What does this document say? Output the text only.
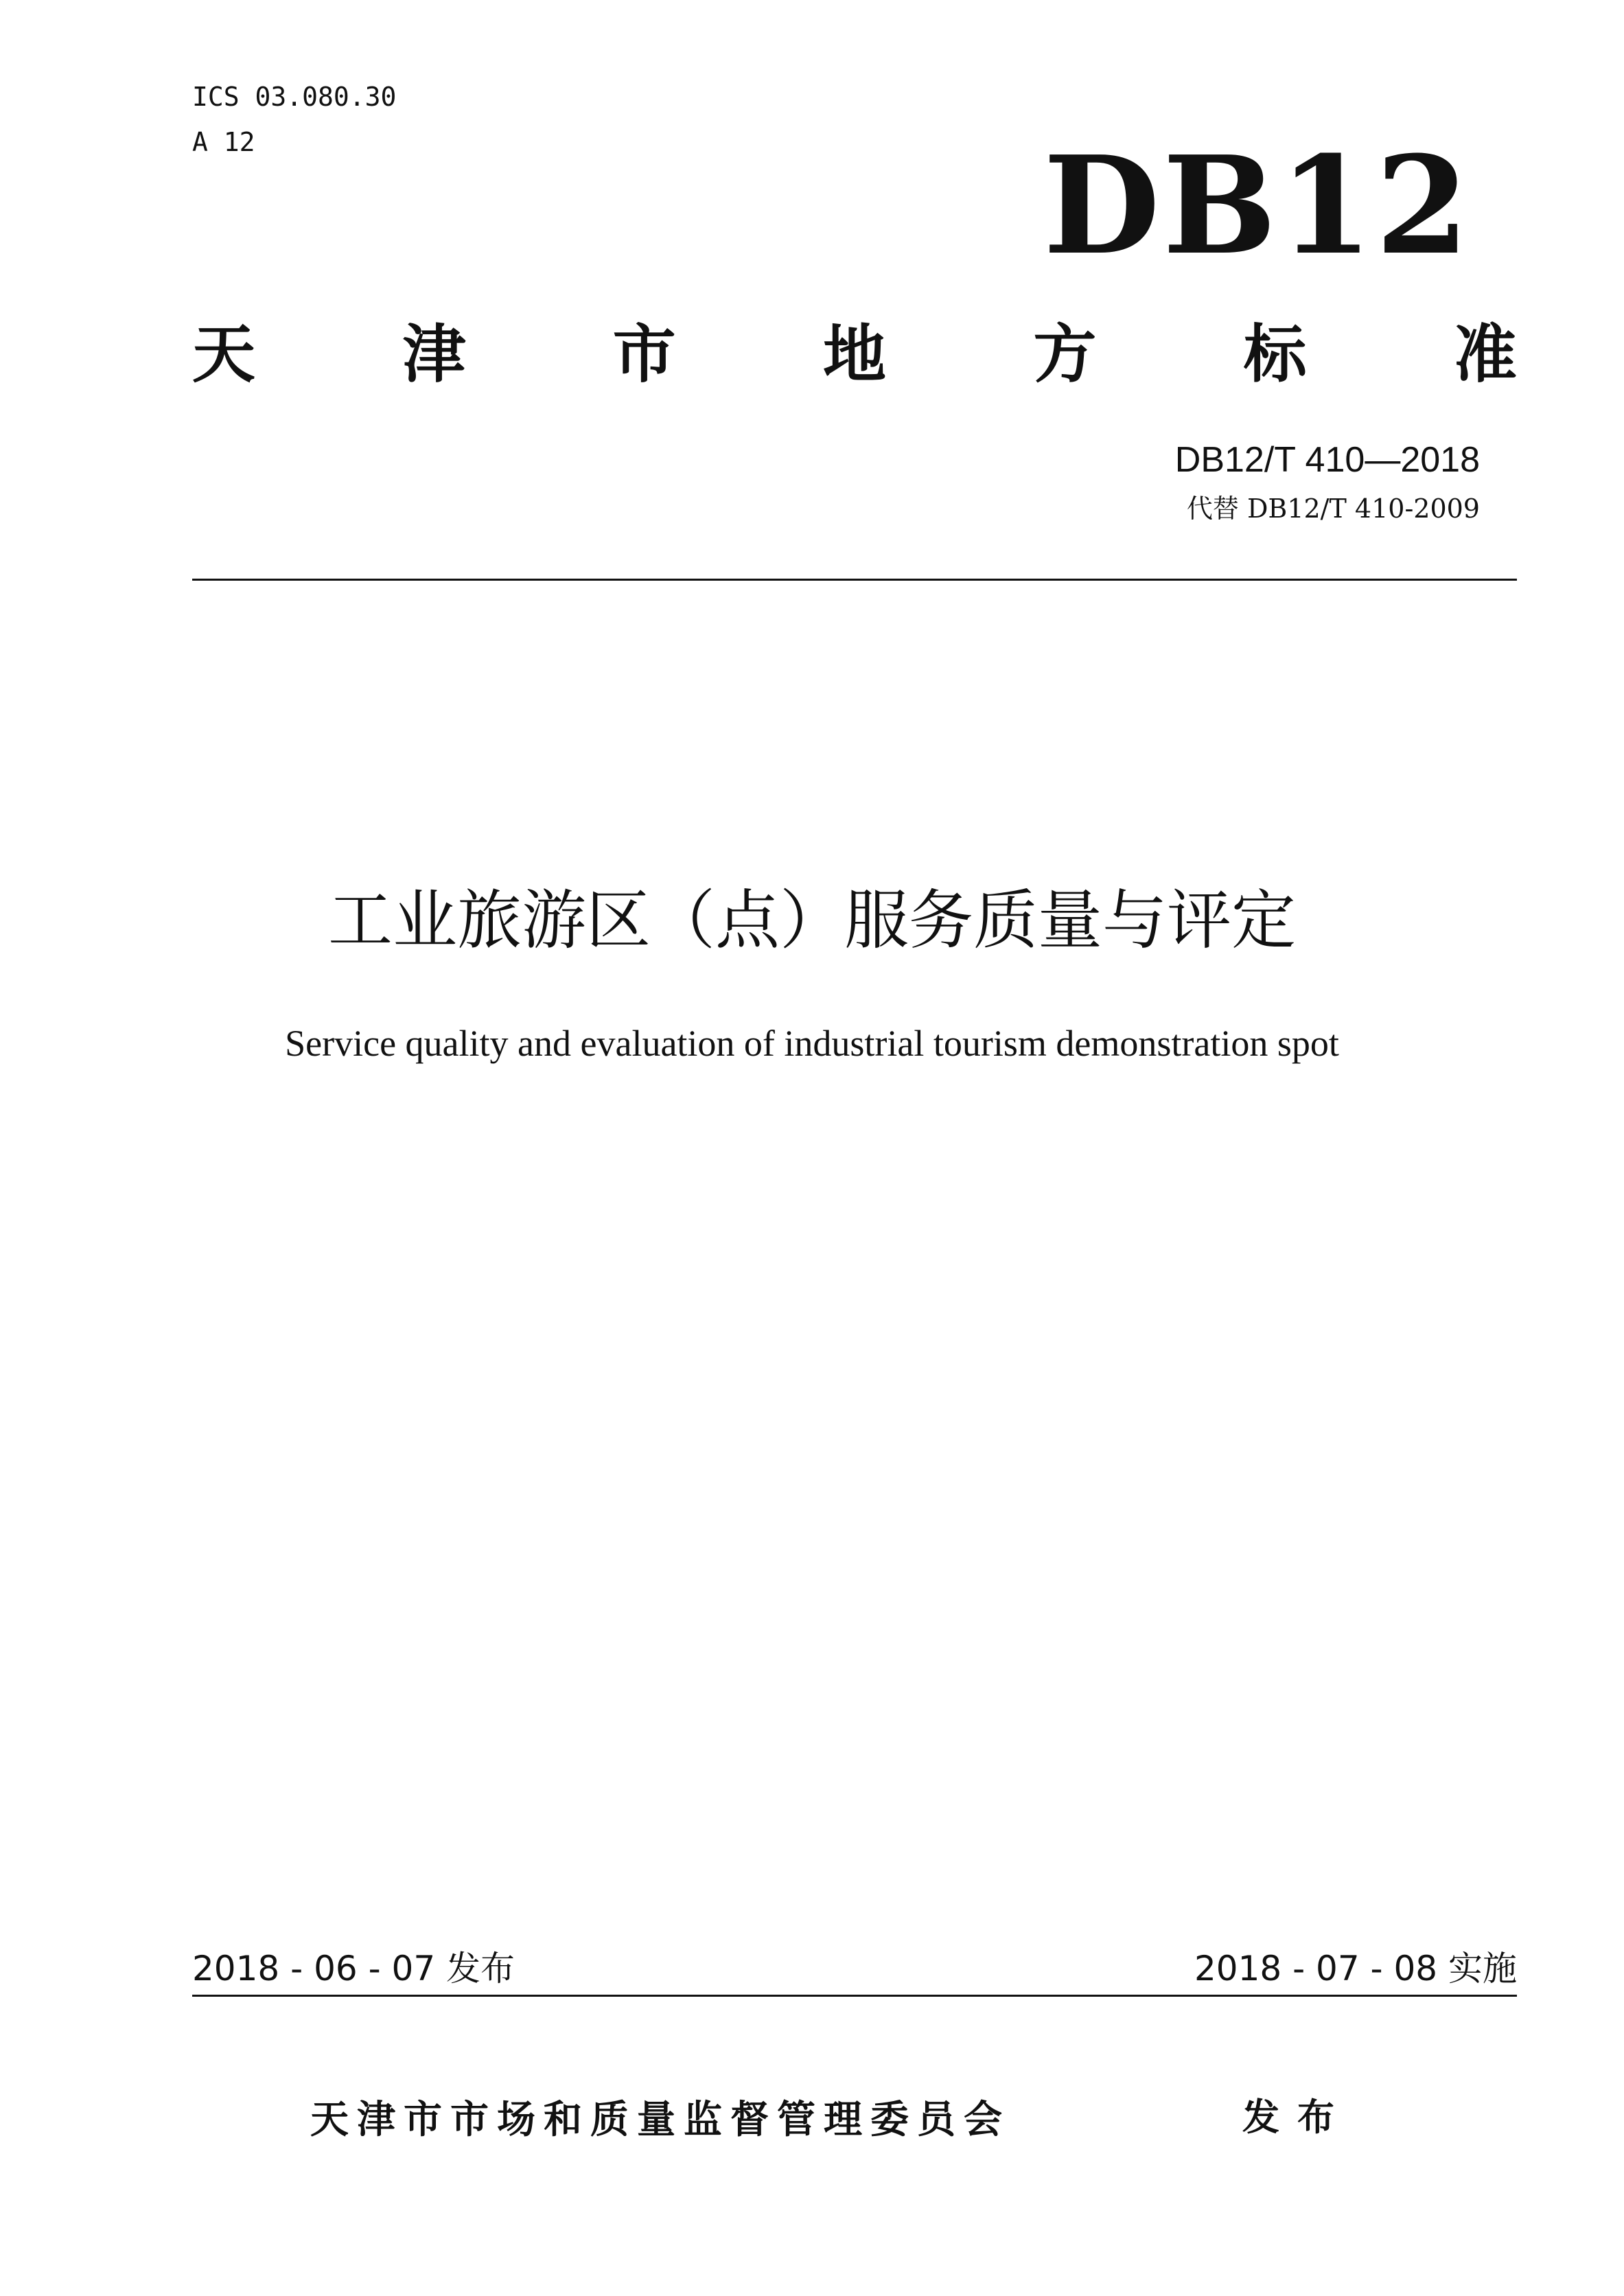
ICS 03.080.30
A 12	DB12
天 津 市 地 方 标 准
DB12/T 410—2018
代替 DB12/T 410-2009
工业旅游区（点）服务质量与评定
Service quality and evaluation of industrial tourism demonstration spot
2018 - 06 - 07 发布	2018 - 07 - 08 实施
天津市市场和质量监督管理委员会	发布
